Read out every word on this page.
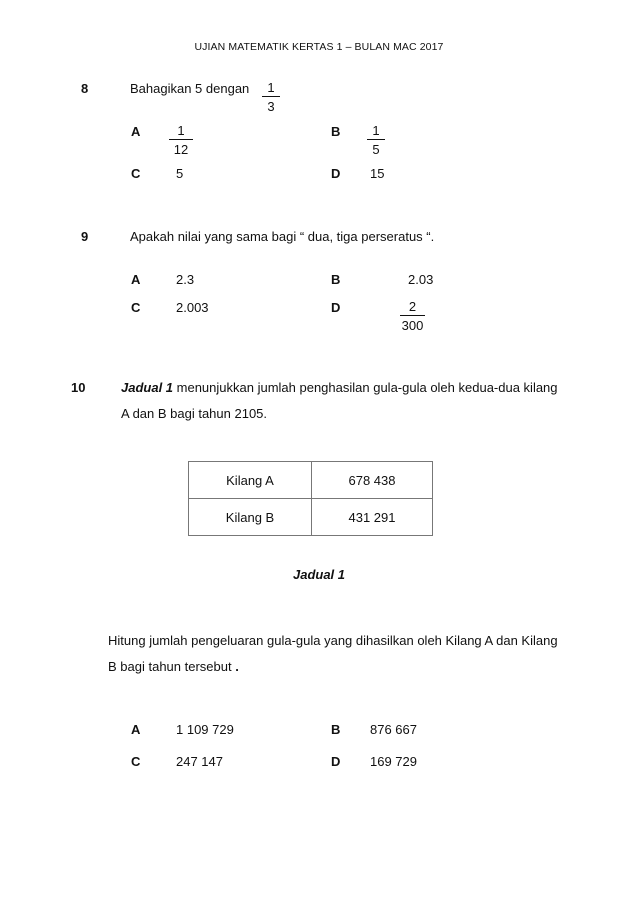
UJIAN MATEMATIK KERTAS 1 – BULAN MAC 2017
8	Bahagikan 5 dengan	1
3
A	1
12
B	1
5
C	5	D 15
9	Apakah nilai yang sama bagi “ dua, tiga perseratus “.
A	2.3	B	2.03
C	2.003	D	2
300
10	Jadual 1 menunjukkan jumlah penghasilan gula-gula oleh kedua-dua kilang
A dan B bagi tahun 2105.
Kilang A	678 438
Kilang B	431 291
Jadual 1
Hitung jumlah pengeluaran gula-gula yang dihasilkan oleh Kilang A dan Kilang
B bagi tahun tersebut .
A	1 109 729	B 876 667
C	247 147	D 169 729
